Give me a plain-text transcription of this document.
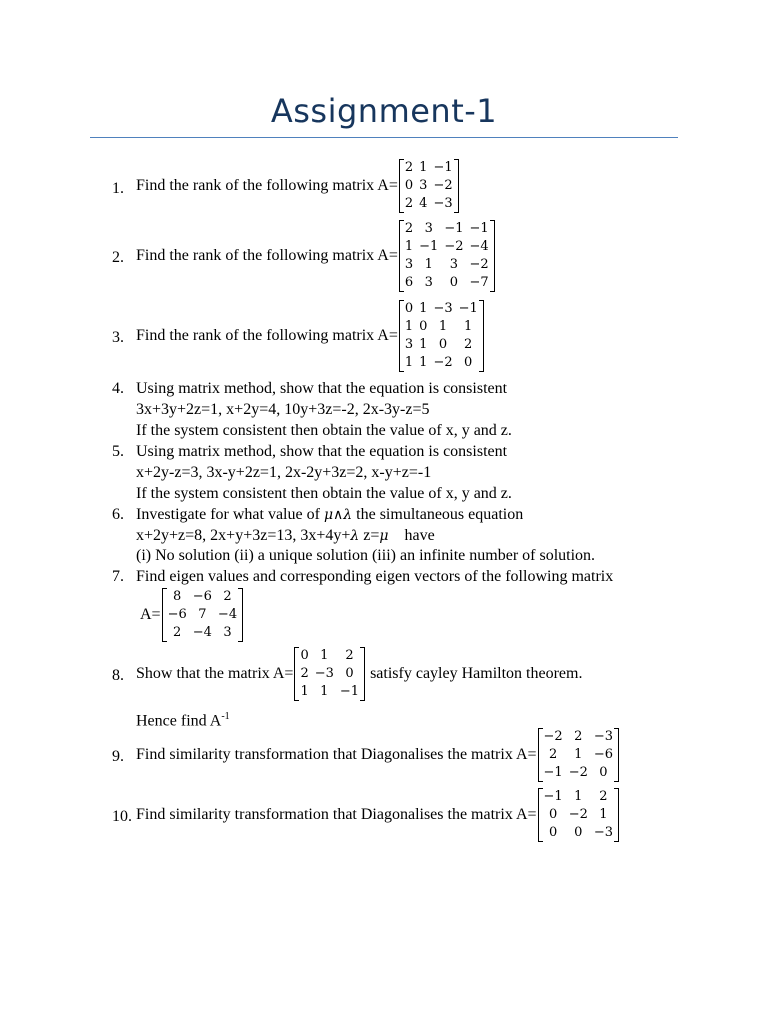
Assignment-1
1. Find the rank of the following matrix A=
2	1	−1
0	3	−2
2	4	−3
2. Find the rank of the following matrix A=
2	3	−1	−1
1	−1	−2	−4
3	1	3	−2
6	3	0	−7
3. Find the rank of the following matrix A=
0	1	−3	−1
1	0	1	1
3	1	0	2
1	1	−2	0
4. Using matrix method, show that the equation is consistent
3x+3y+2z=1, x+2y=4, 10y+3z=-2, 2x-3y-z=5
If the system consistent then obtain the value of x, y and z.
5. Using matrix method, show that the equation is consistent
x+2y-z=3, 3x-y+2z=1, 2x-2y+3z=2, x-y+z=-1
If the system consistent then obtain the value of x, y and z.
6. Investigate for what value of μ∧λ the simultaneous equation
x+2y+z=8, 2x+y+3z=13, 3x+4y+λ z=μ    have
(i) No solution (ii) a unique solution (iii) an infinite number of solution.
7. Find eigen values and corresponding eigen vectors of the following matrix
A=
8	−6	2
−6	7	−4
2	−4	3
8. Show that the matrix A=
0	1	2
2	−3	0
1	1	−1
satisfy cayley Hamilton theorem.
Hence find $A^{-1}$
9. Find similarity transformation that Diagonalises the matrix A=
−2	2	−3
2	1	−6
−1	−2	0
10. Find similarity transformation that Diagonalises the matrix A=
−1	1	2
0	−2	1
0	0	−3
